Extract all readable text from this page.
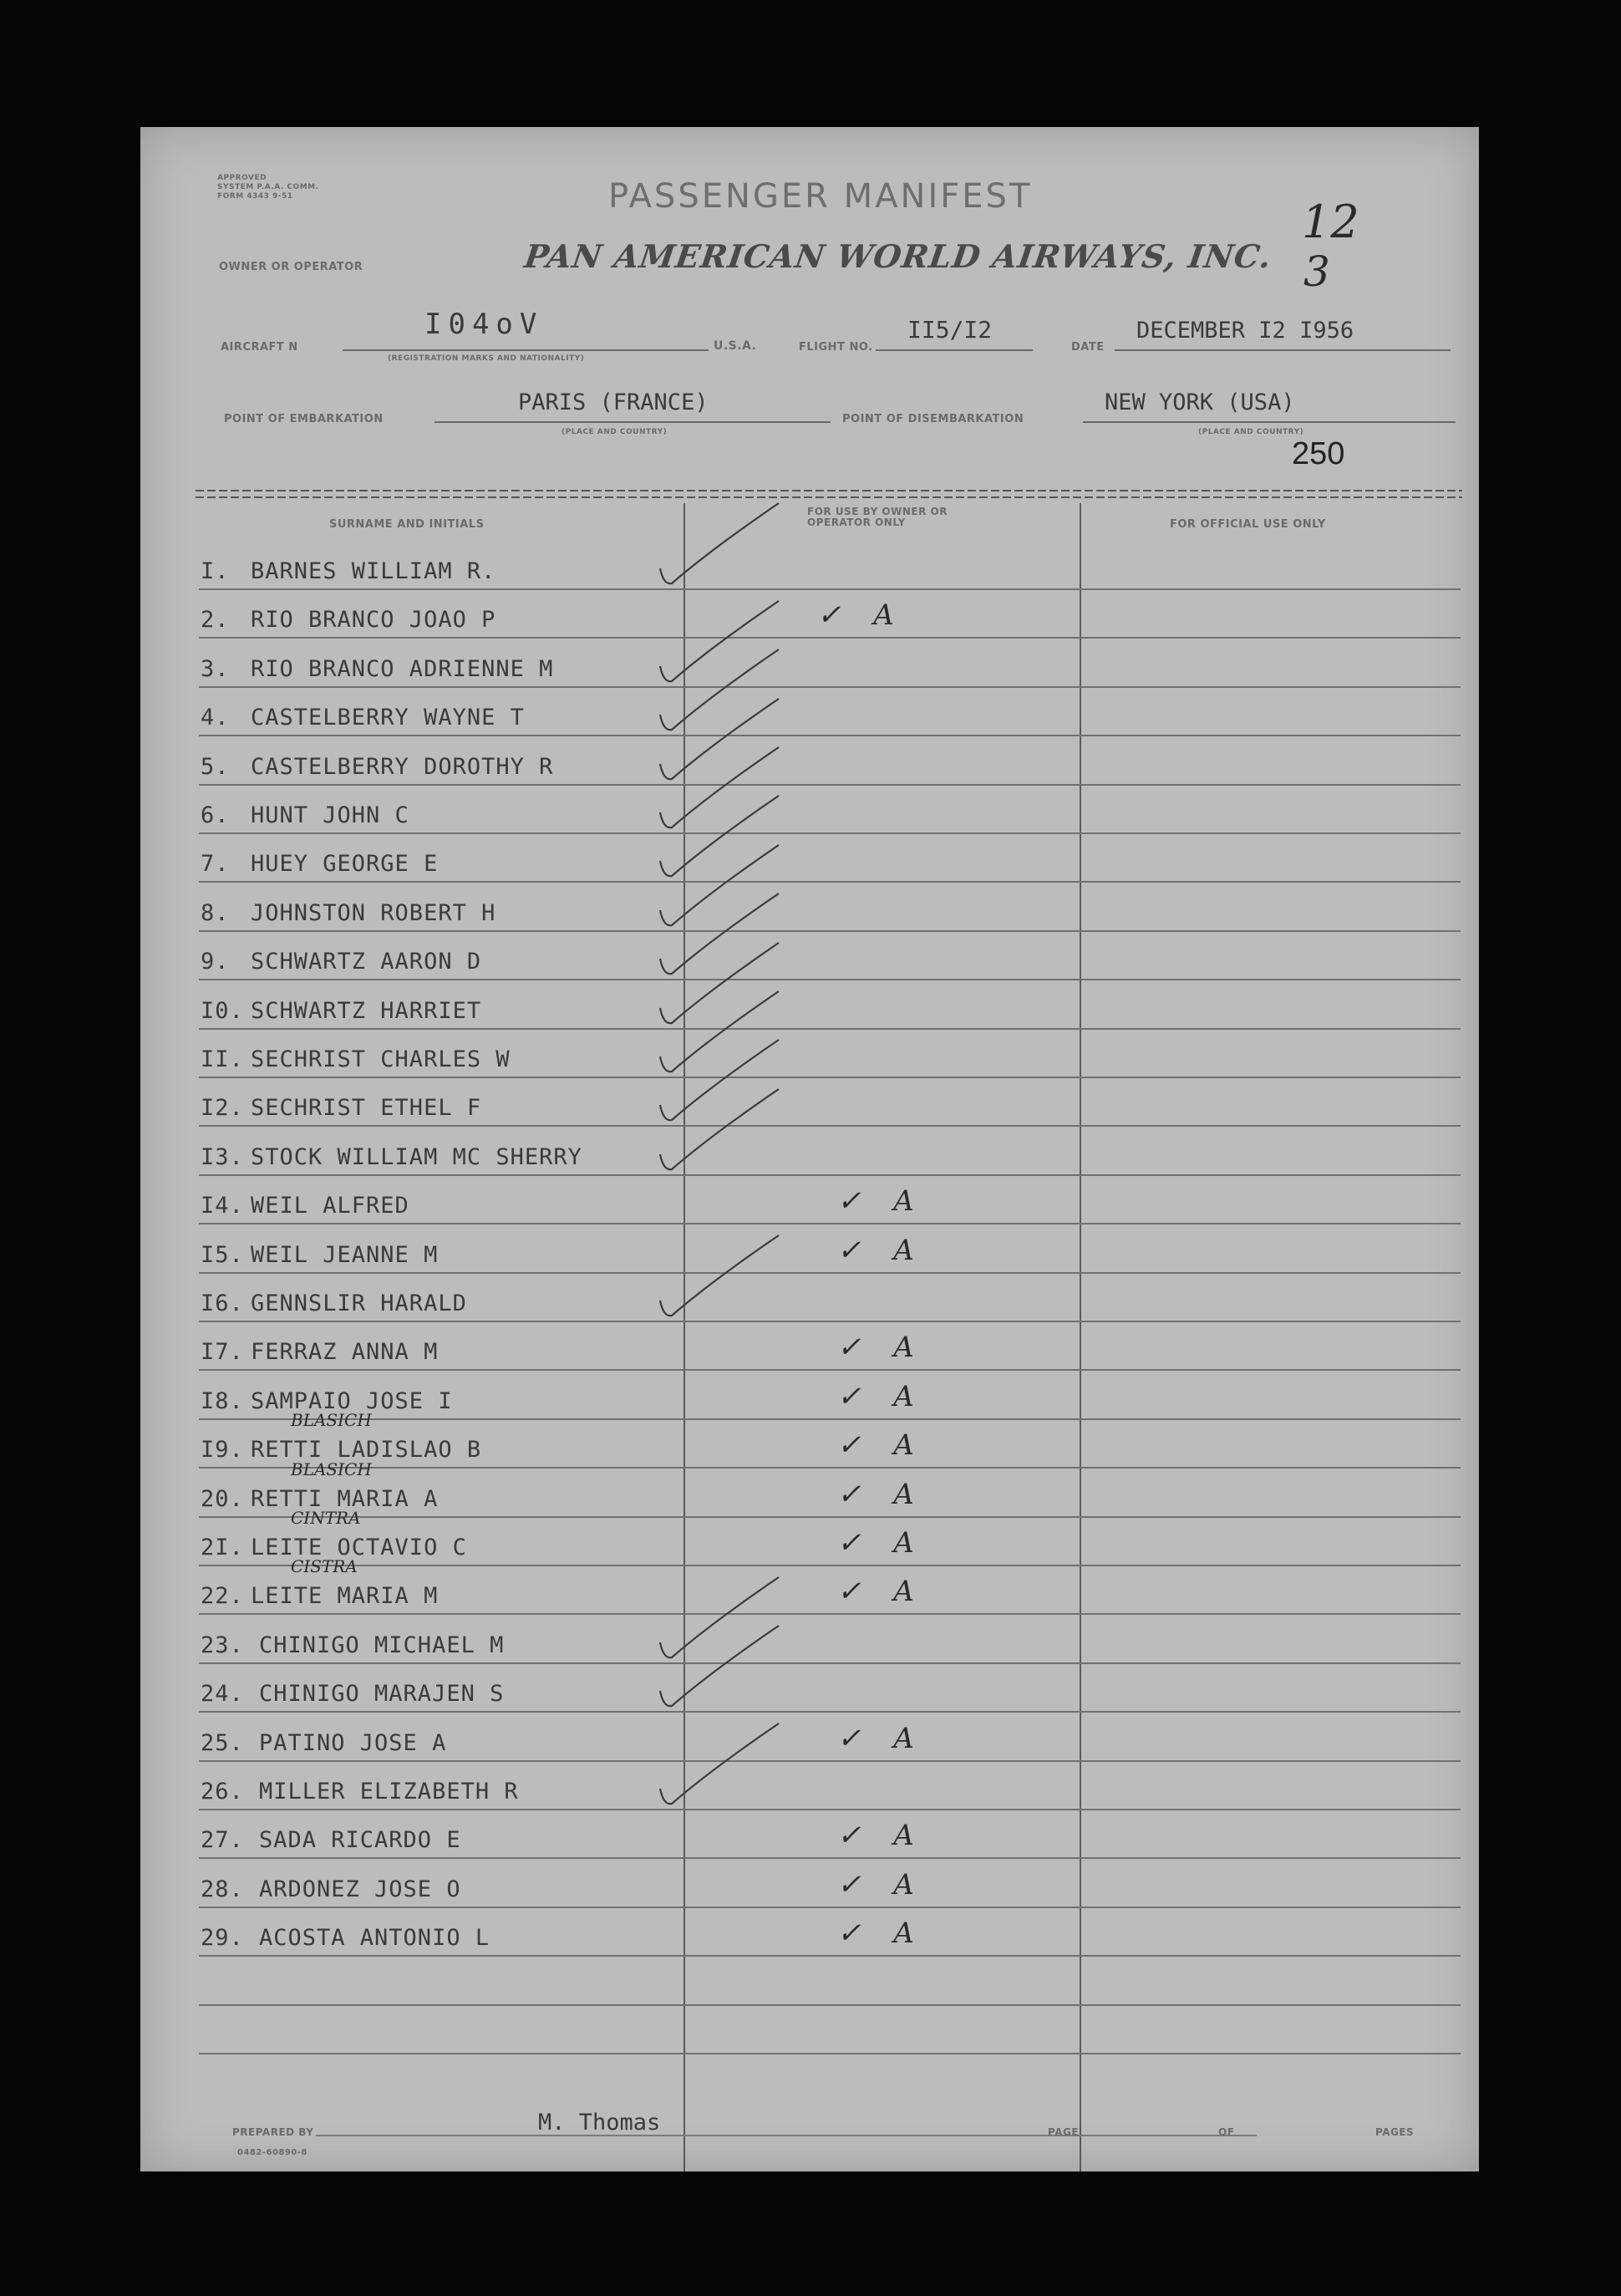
APPROVED
SYSTEM P.A.A. COMM.
FORM 4343 9-51	PASSENGER MANIFEST
OWNER OR OPERATOR	PAN AMERICAN WORLD AIRWAYS, INC.
12
3
250
AIRCRAFT N
I04oV
(REGISTRATION MARKS AND NATIONALITY)
U.S.A.	FLIGHT NO.
II5/I2
DATE
DECEMBER I2 I956
POINT OF EMBARKATION
PARIS (FRANCE)
(PLACE AND COUNTRY)
POINT OF DISEMBARKATION
NEW YORK (USA)
(PLACE AND COUNTRY)
SURNAME AND INITIALS
FOR USE BY OWNER OR OPERATOR ONLY	FOR OFFICIAL USE ONLY
I. BARNES WILLIAM R.
2. RIO BRANCO JOAO P	✓ A
3. RIO BRANCO ADRIENNE M
4. CASTELBERRY WAYNE T
5. CASTELBERRY DOROTHY R
6. HUNT JOHN C
7. HUEY GEORGE E
8. JOHNSTON ROBERT H
9. SCHWARTZ AARON D
I0. SCHWARTZ HARRIET
II. SECHRIST CHARLES W
I2. SECHRIST ETHEL F
I3. STOCK WILLIAM MC SHERRY
I4. WEIL ALFRED	✓ A
I5. WEIL JEANNE M	✓ A
I6. GENNSLIR HARALD
I7. FERRAZ ANNA M	✓ A
I8. SAMPAIO JOSE I	✓ A
I9. RETTI LADISLAO B	✓ A
BLASICH
20. RETTI MARIA A	✓ A
BLASICH
2I. LEITE OCTAVIO C	✓ A
CINTRA
22. LEITE MARIA M	✓ A
CISTRA
23. CHINIGO MICHAEL M
24. CHINIGO MARAJEN S
25. PATINO JOSE A	✓ A
26. MILLER ELIZABETH R
27. SADA RICARDO E	✓ A
28. ARDONEZ JOSE O	✓ A
29. ACOSTA ANTONIO L	✓ A
PREPARED BY	M. Thomas	PAGE	OF	PAGES
0482-60890-8
